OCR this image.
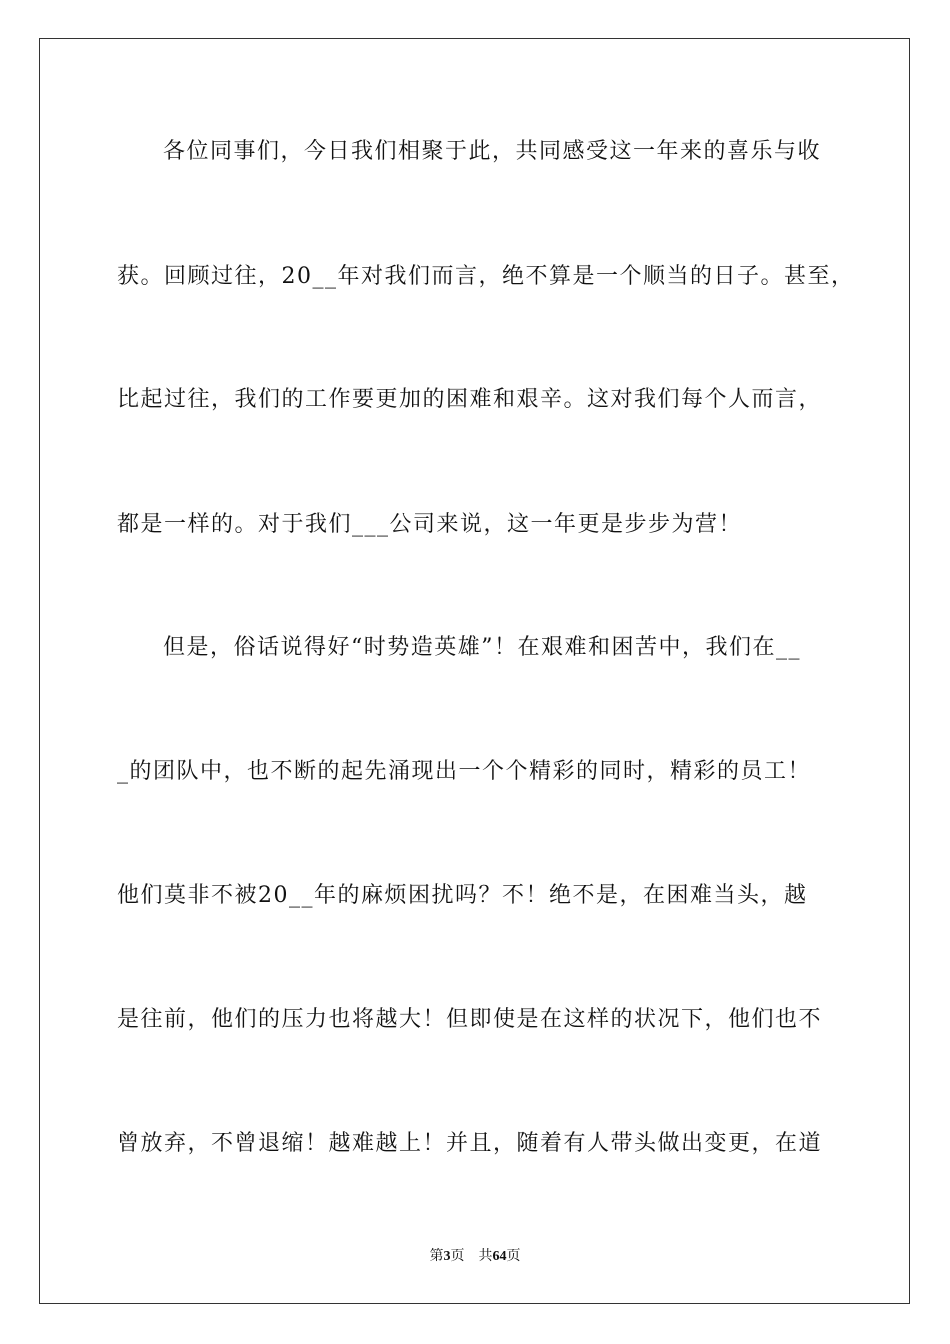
各位同事们，今日我们相聚于此，共同感受这一年来的喜乐与收
获。回顾过往，20__年对我们而言，绝不算是一个顺当的日子。甚至，
比起过往，我们的工作要更加的困难和艰辛。这对我们每个人而言，
都是一样的。对于我们___公司来说，这一年更是步步为营！
但是，俗话说得好“时势造英雄”！在艰难和困苦中，我们在__
_的团队中，也不断的起先涌现出一个个精彩的同时，精彩的员工！
他们莫非不被20__年的麻烦困扰吗？不！绝不是，在困难当头，越
是往前，他们的压力也将越大！但即使是在这样的状况下，他们也不
曾放弃，不曾退缩！越难越上！并且，随着有人带头做出变更，在道
第3页 共64页
